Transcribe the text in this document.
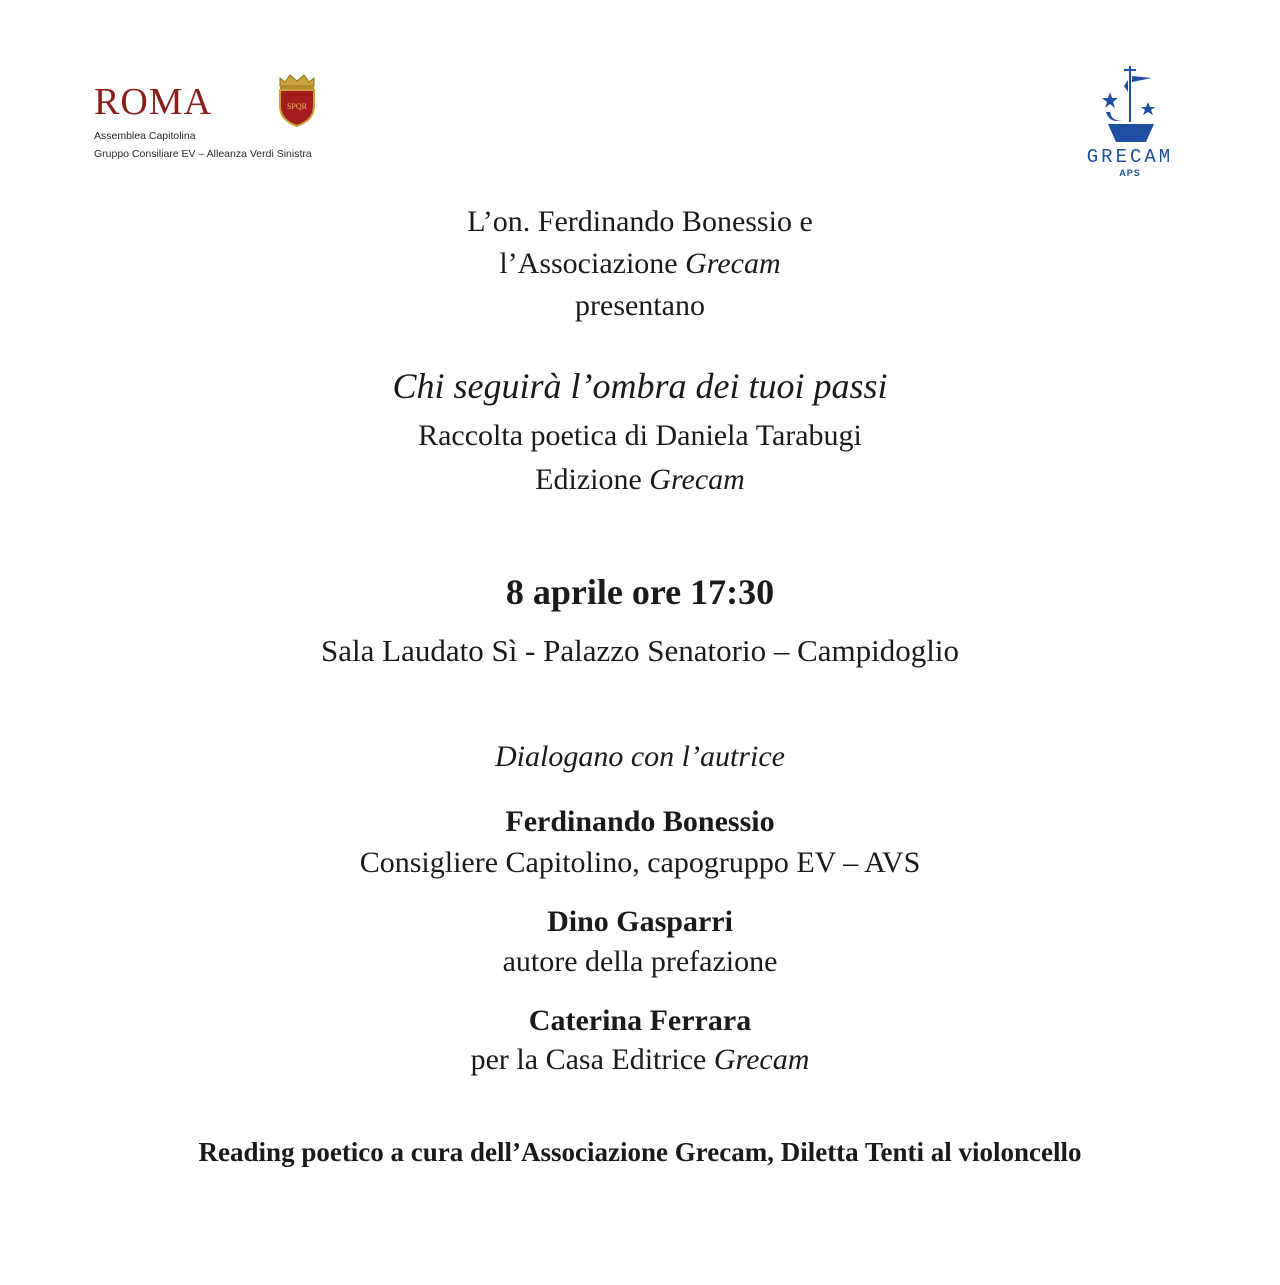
ROMA
Assemblea Capitolina
Gruppo Consiliare EV – Alleanza Verdi Sinistra
SPQR
GRECAM
APS
L’on. Ferdinando Bonessio e
l’Associazione Grecam
presentano
Chi seguirà l’ombra dei tuoi passi
Raccolta poetica di Daniela Tarabugi
Edizione Grecam
8 aprile ore 17:30
Sala Laudato Sì - Palazzo Senatorio – Campidoglio
Dialogano con l’autrice
Ferdinando Bonessio
Consigliere Capitolino, capogruppo EV – AVS
Dino Gasparri
autore della prefazione
Caterina Ferrara
per la Casa Editrice Grecam
Reading poetico a cura dell’Associazione Grecam, Diletta Tenti al violoncello
